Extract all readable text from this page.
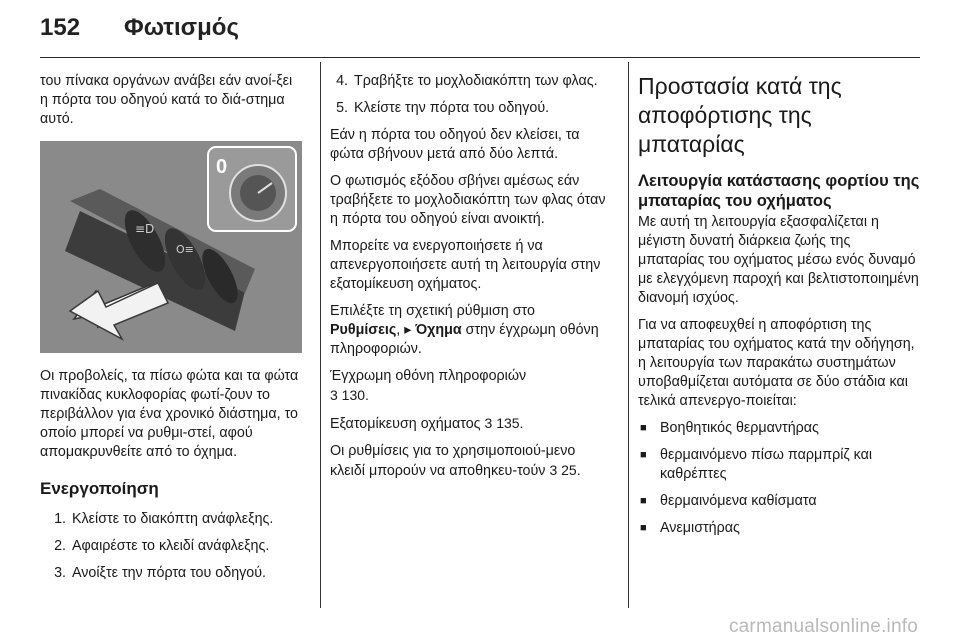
152 Φωτισμός

του πίνακα οργάνων ανάβει εάν ανοί-ξει η πόρτα του οδηγού κατά το διά-στημα αυτό.

≡D
O≡
0

Οι προβολείς, τα πίσω φώτα και τα φώτα πινακίδας κυκλοφορίας φωτί-ζουν το περιβάλλον για ένα χρονικό διάστημα, το οποίο μπορεί να ρυθμι-στεί, αφού απομακρυνθείτε από το όχημα.

Ενεργοποίηση
1. Κλείστε το διακόπτη ανάφλεξης.
2. Αφαιρέστε το κλειδί ανάφλεξης.
3. Ανοίξτε την πόρτα του οδηγού.
4. Τραβήξτε το μοχλοδιακόπτη των φλας.
5. Κλείστε την πόρτα του οδηγού.

Εάν η πόρτα του οδηγού δεν κλείσει, τα φώτα σβήνουν μετά από δύο λεπτά.

Ο φωτισμός εξόδου σβήνει αμέσως εάν τραβήξετε το μοχλοδιακόπτη των φλας όταν η πόρτα του οδηγού είναι ανοικτή.

Μπορείτε να ενεργοποιήσετε ή να απενεργοποιήσετε αυτή τη λειτουργία στην εξατομίκευση οχήματος.

Επιλέξτε τη σχετική ρύθμιση στο Ρυθμίσεις, ▸ Όχημα στην έγχρωμη οθόνη πληροφοριών.

Έγχρωμη οθόνη πληροφοριών
3 130.

Εξατομίκευση οχήματος 3 135.

Οι ρυθμίσεις για το χρησιμοποιού-μενο κλειδί μπορούν να αποθηκευ-τούν 3 25.

Προστασία κατά της αποφόρτισης της μπαταρίας
Λειτουργία κατάστασης φορτίου της μπαταρίας του οχήματος

Με αυτή τη λειτουργία εξασφαλίζεται η μέγιστη δυνατή διάρκεια ζωής της μπαταρίας του οχήματος μέσω ενός δυναμό με ελεγχόμενη παροχή και βελτιστοποιημένη διανομή ισχύος.

Για να αποφευχθεί η αποφόρτιση της μπαταρίας του οχήματος κατά την οδήγηση, η λειτουργία των παρακάτω συστημάτων υποβαθμίζεται αυτόματα σε δύο στάδια και τελικά απενεργο-ποιείται:

■ Βοηθητικός θερμαντήρας
■ θερμαινόμενο πίσω παρμπρίζ και καθρέπτες
■ θερμαινόμενα καθίσματα
■ Ανεμιστήρας
carmanualsonline.info
